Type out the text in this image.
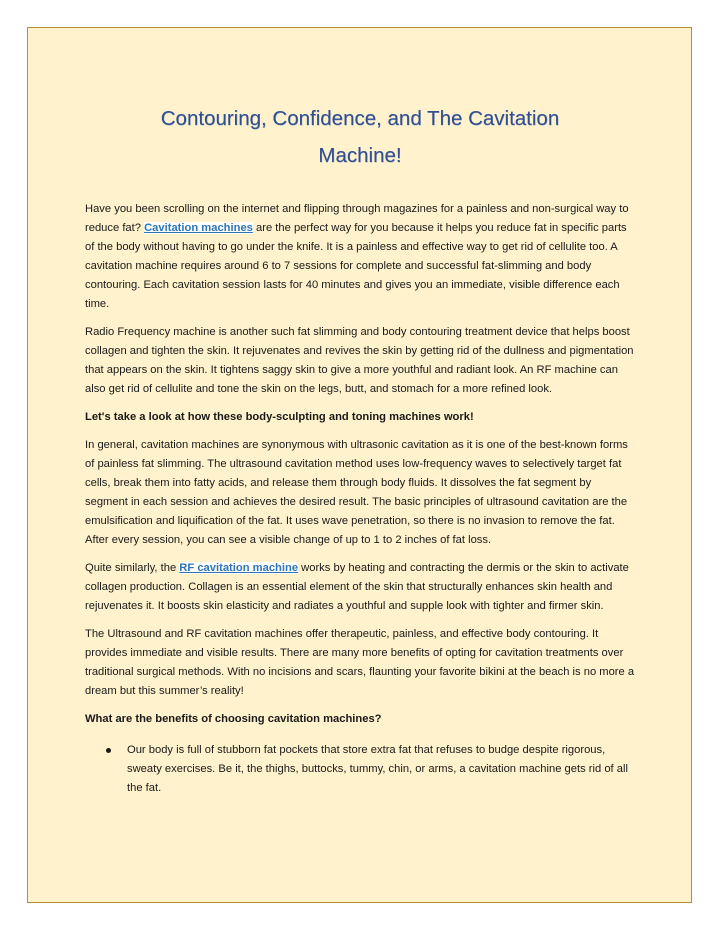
Contouring, Confidence, and The Cavitation
Machine!

Have you been scrolling on the internet and flipping through magazines for a painless and non-surgical way to reduce fat? Cavitation machines are the perfect way for you because it helps you reduce fat in specific parts of the body without having to go under the knife. It is a painless and effective way to get rid of cellulite too. A cavitation machine requires around 6 to 7 sessions for complete and successful fat-slimming and body contouring. Each cavitation session lasts for 40 minutes and gives you an immediate, visible difference each time.

Radio Frequency machine is another such fat slimming and body contouring treatment device that helps boost collagen and tighten the skin. It rejuvenates and revives the skin by getting rid of the dullness and pigmentation that appears on the skin. It tightens saggy skin to give a more youthful and radiant look. An RF machine can also get rid of cellulite and tone the skin on the legs, butt, and stomach for a more refined look.

Let's take a look at how these body-sculpting and toning machines work!

In general, cavitation machines are synonymous with ultrasonic cavitation as it is one of the best-known forms of painless fat slimming. The ultrasound cavitation method uses low-frequency waves to selectively target fat cells, break them into fatty acids, and release them through body fluids. It dissolves the fat segment by segment in each session and achieves the desired result. The basic principles of ultrasound cavitation are the emulsification and liquification of the fat. It uses wave penetration, so there is no invasion to remove the fat. After every session, you can see a visible change of up to 1 to 2 inches of fat loss.

Quite similarly, the RF cavitation machine works by heating and contracting the dermis or the skin to activate collagen production. Collagen is an essential element of the skin that structurally enhances skin health and rejuvenates it. It boosts skin elasticity and radiates a youthful and supple look with tighter and firmer skin.

The Ultrasound and RF cavitation machines offer therapeutic, painless, and effective body contouring. It provides immediate and visible results. There are many more benefits of opting for cavitation treatments over traditional surgical methods. With no incisions and scars, flaunting your favorite bikini at the beach is no more a dream but this summer’s reality!

What are the benefits of choosing cavitation machines?

Our body is full of stubborn fat pockets that store extra fat that refuses to budge despite rigorous, sweaty exercises. Be it, the thighs, buttocks, tummy, chin, or arms, a cavitation machine gets rid of all the fat.
